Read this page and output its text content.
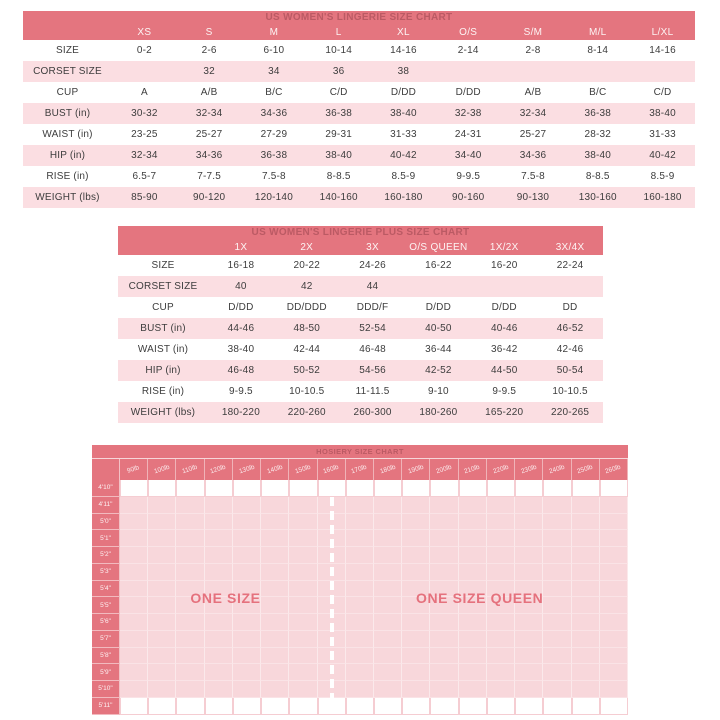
US WOMEN'S LINGERIE SIZE CHART									
	XS	S	M	L	XL	O/S	S/M	M/L	L/XL
SIZE	0-2	2-6	6-10	10-14	14-16	2-14	2-8	8-14	14-16
CORSET SIZE		32	34	36	38				
CUP	A	A/B	B/C	C/D	D/DD	D/DD	A/B	B/C	C/D
BUST (in)	30-32	32-34	34-36	36-38	38-40	32-38	32-34	36-38	38-40
WAIST (in)	23-25	25-27	27-29	29-31	31-33	24-31	25-27	28-32	31-33
HIP (in)	32-34	34-36	36-38	38-40	40-42	34-40	34-36	38-40	40-42
RISE (in)	6.5-7	7-7.5	7.5-8	8-8.5	8.5-9	9-9.5	7.5-8	8-8.5	8.5-9
WEIGHT (lbs)	85-90	90-120	120-140	140-160	160-180	90-160	90-130	130-160	160-180
US WOMEN'S LINGERIE PLUS SIZE CHART						
	1X	2X	3X	O/S QUEEN	1X/2X	3X/4X
SIZE	16-18	20-22	24-26	16-22	16-20	22-24
CORSET SIZE	40	42	44			
CUP	D/DD	DD/DDD	DDD/F	D/DD	D/DD	DD
BUST (in)	44-46	48-50	52-54	40-50	40-46	46-52
WAIST (in)	38-40	42-44	46-48	36-44	36-42	42-46
HIP (in)	46-48	50-52	54-56	42-52	44-50	50-54
RISE (in)	9-9.5	10-10.5	11-11.5	9-10	9-9.5	10-10.5
WEIGHT (lbs)	180-220	220-260	260-300	180-260	165-220	220-265
HOSIERY SIZE CHART
90lb 100lb 110lb 120lb 130lb 140lb 150lb 160lb 170lb 180lb 190lb 200lb 210lb 220lb 230lb 240lb 250lb 260lb
4'10"
4'11"
5'0"
5'1"
5'2"
5'3"
5'4"
5'5"
5'6"
5'7"
5'8"
5'9"
5'10"
5'11"
ONE SIZE	ONE SIZE QUEEN
